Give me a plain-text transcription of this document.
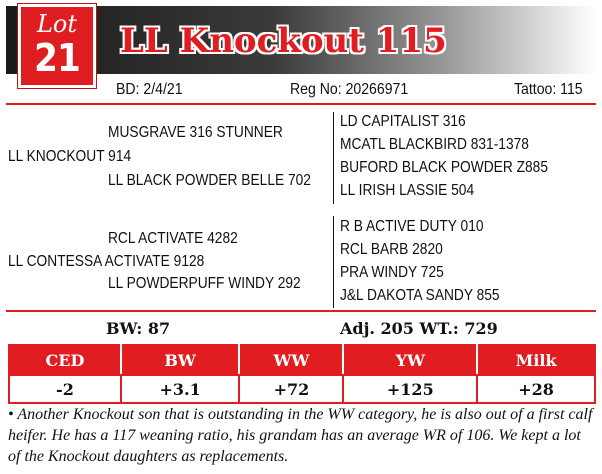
Lot
21 LL Knockout 115
BD: 2/4/21	Reg No: 20266971	Tattoo: 115
MUSGRAVE 316 STUNNER
LL KNOCKOUT 914
LL BLACK POWDER BELLE 702
LD CAPITALIST 316
MCATL BLACKBIRD 831-1378
BUFORD BLACK POWDER Z885
LL IRISH LASSIE 504
RCL ACTIVATE 4282
LL CONTESSA ACTIVATE 9128
LL POWDERPUFF WINDY 292
R B ACTIVE DUTY 010
RCL BARB 2820
PRA WINDY 725
J&L DAKOTA SANDY 855
BW: 87	Adj. 205 WT.: 729
CED	BW	WW	YW	Milk
-2	+3.1	+72	+125	+28
• Another Knockout son that is outstanding in the WW category, he is also out of a first calf heifer. He has a 117 weaning ratio, his grandam has an average WR of 106. We kept a lot of the Knockout daughters as replacements.
